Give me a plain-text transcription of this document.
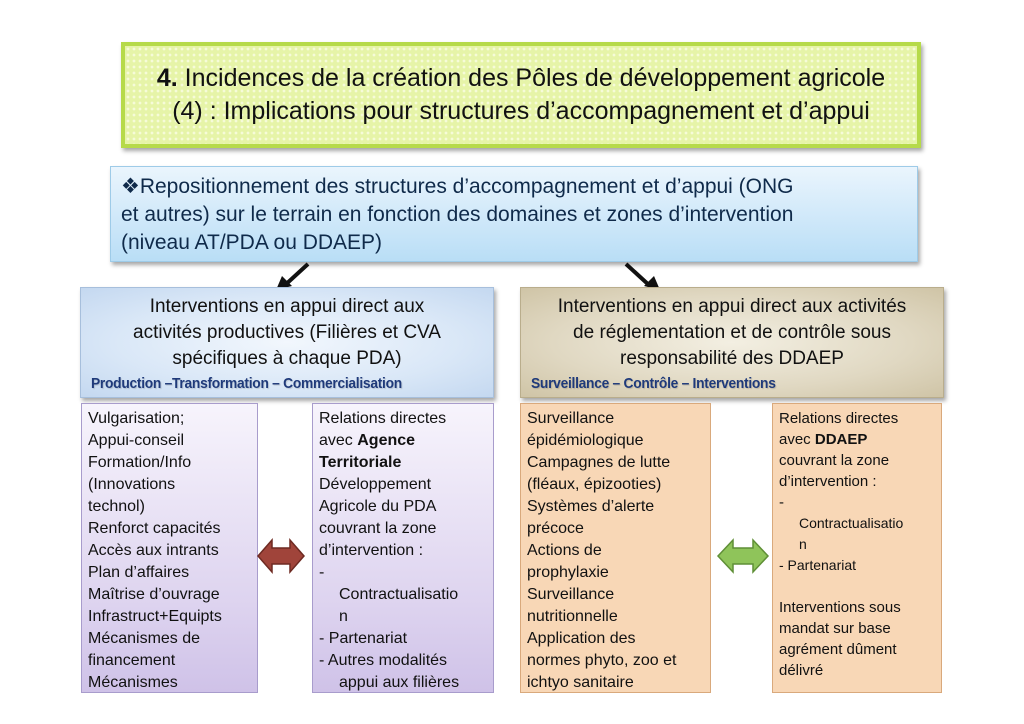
4. Incidences de la création des Pôles de développement agricole
(4) : Implications pour structures d’accompagnement et d’appui
❖Repositionnement des structures d’accompagnement et d’appui (ONG
et autres) sur le terrain en fonction des domaines et zones d’intervention
(niveau AT/PDA ou DDAEP)
Interventions en appui direct aux
activités productives (Filières et CVA
spécifiques à chaque PDA)
Production –Transformation – Commercialisation
Interventions en appui direct aux activités
de réglementation et de contrôle sous
responsabilité des DDAEP
Surveillance – Contrôle – Interventions
Vulgarisation;
Appui-conseil
Formation/Info
(Innovations
technol)
Renforct capacités
Accès aux intrants
Plan d’affaires
Maîtrise d’ouvrage
Infrastruct+Equipts
Mécanismes de
financement
Mécanismes
Relations directes
avec Agence
Territoriale
Développement
Agricole du PDA
couvrant la zone
d’intervention :
-
Contractualisatio
n
- Partenariat
- Autres modalités
appui aux filières
Surveillance
épidémiologique
Campagnes de lutte
(fléaux, épizooties)
Systèmes d’alerte
précoce
Actions de
prophylaxie
Surveillance
nutritionnelle
Application des
normes phyto, zoo et
ichtyo sanitaire
Relations directes
avec DDAEP
couvrant la zone
d’intervention :
-
Contractualisatio
n
- Partenariat
Interventions sous
mandat sur base
agrément dûment
délivré
